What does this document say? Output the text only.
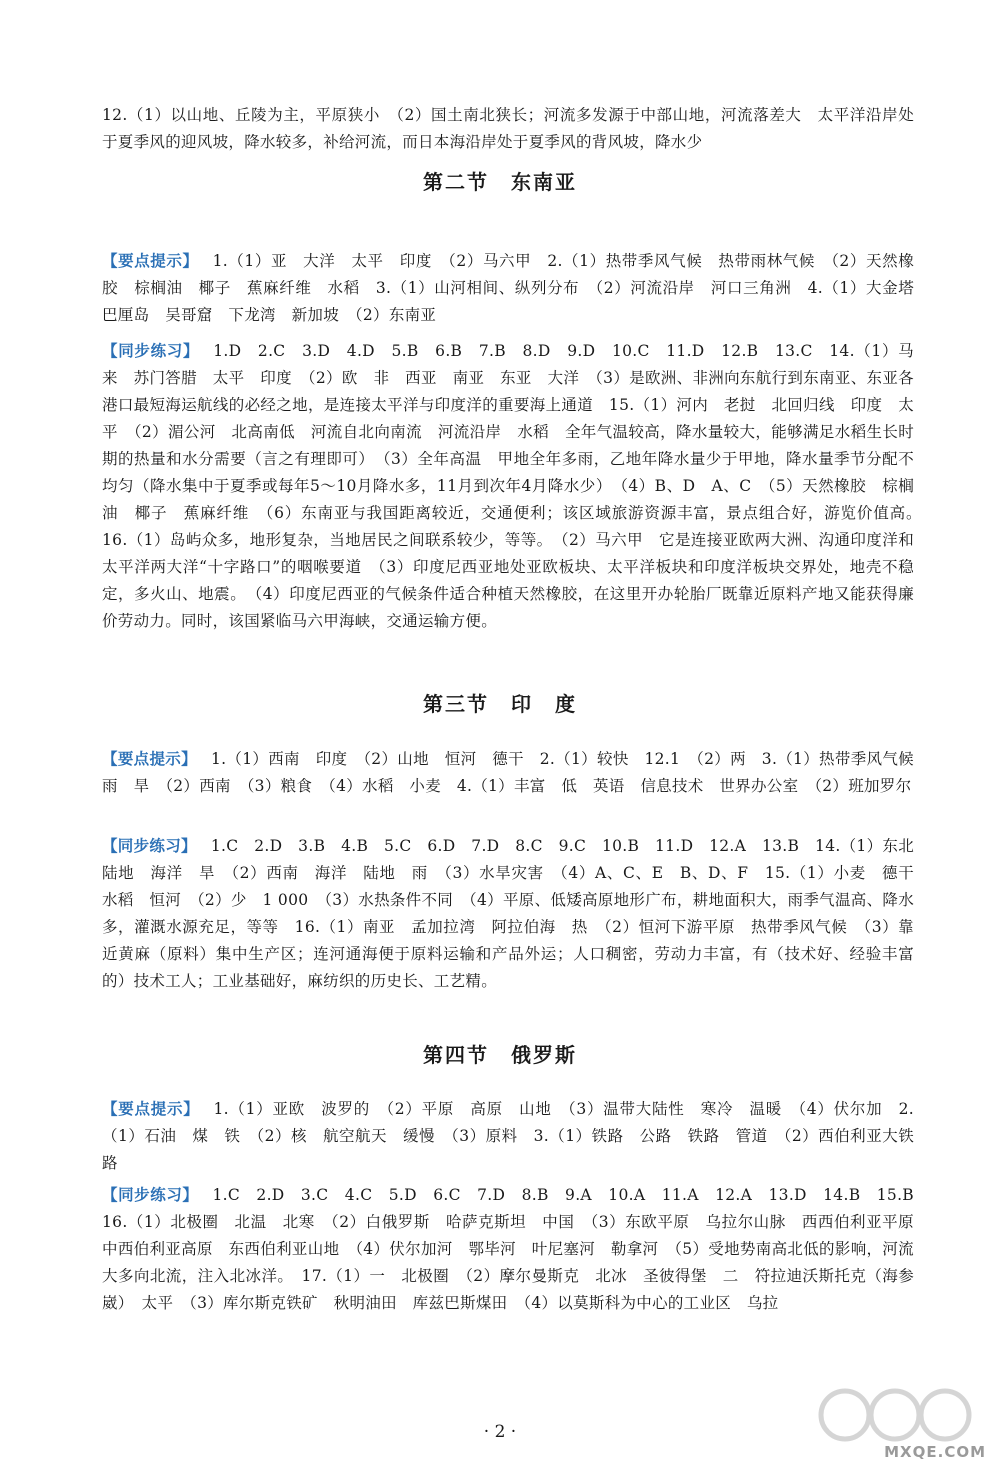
12.（1）以山地、丘陵为主，平原狭小　（2）国土南北狭长；河流多发源于中部山地，河流落差大　太平洋沿岸处于夏季风的迎风坡，降水较多，补给河流，而日本海沿岸处于夏季风的背风坡，降水少
第二节　东南亚
【要点提示】 1.（1）亚　大洋　太平　印度　（2）马六甲　2.（1）热带季风气候　热带雨林气候　（2）天然橡胶　棕榈油　椰子　蕉麻纤维　水稻　3.（1）山河相间、纵列分布　（2）河流沿岸　河口三角洲　4.（1）大金塔　巴厘岛　吴哥窟　下龙湾　新加坡　（2）东南亚
【同步练习】 1.D　2.C　3.D　4.D　5.B　6.B　7.B　8.D　9.D　10.C　11.D　12.B　13.C　14.（1）马来　苏门答腊　太平　印度　（2）欧　非　西亚　南亚　东亚　大洋　（3）是欧洲、非洲向东航行到东南亚、东亚各港口最短海运航线的必经之地，是连接太平洋与印度洋的重要海上通道　15.（1）河内　老挝　北回归线　印度　太平　（2）湄公河　北高南低　河流自北向南流　河流沿岸　水稻　全年气温较高，降水量较大，能够满足水稻生长时期的热量和水分需要（言之有理即可）　（3）全年高温　甲地全年多雨，乙地年降水量少于甲地，降水量季节分配不均匀（降水集中于夏季或每年5～10月降水多，11月到次年4月降水少）　（4）B、D　A、C　（5）天然橡胶　棕榈油　椰子　蕉麻纤维　（6）东南亚与我国距离较近，交通便利；该区域旅游资源丰富，景点组合好，游览价值高。　16.（1）岛屿众多，地形复杂，当地居民之间联系较少，等等。　（2）马六甲　它是连接亚欧两大洲、沟通印度洋和太平洋两大洋“十字路口”的咽喉要道　（3）印度尼西亚地处亚欧板块、太平洋板块和印度洋板块交界处，地壳不稳定，多火山、地震。　（4）印度尼西亚的气候条件适合种植天然橡胶，在这里开办轮胎厂既靠近原料产地又能获得廉价劳动力。同时，该国紧临马六甲海峡，交通运输方便。
第三节　印　度
【要点提示】 1.（1）西南　印度　（2）山地　恒河　德干　2.（1）较快　12.1　（2）两　3.（1）热带季风气候　雨　旱　（2）西南　（3）粮食　（4）水稻　小麦　4.（1）丰富　低　英语　信息技术　世界办公室　（2）班加罗尔
【同步练习】 1.C　2.D　3.B　4.B　5.C　6.D　7.D　8.C　9.C　10.B　11.D　12.A　13.B　14.（1）东北　陆地　海洋　旱　（2）西南　海洋　陆地　雨　（3）水旱灾害　（4）A、C、E　B、D、F　15.（1）小麦　德干　水稻　恒河　（2）少　1 000　（3）水热条件不同　（4）平原、低矮高原地形广布，耕地面积大，雨季气温高、降水多，灌溉水源充足，等等　16.（1）南亚　孟加拉湾　阿拉伯海　热　（2）恒河下游平原　热带季风气候　（3）靠近黄麻（原料）集中生产区；连河通海便于原料运输和产品外运；人口稠密，劳动力丰富，有（技术好、经验丰富的）技术工人；工业基础好，麻纺织的历史长、工艺精。
第四节　俄罗斯
【要点提示】 1.（1）亚欧　波罗的　（2）平原　高原　山地　（3）温带大陆性　寒冷　温暖　（4）伏尔加　2.（1）石油　煤　铁　（2）核　航空航天　缓慢　（3）原料　3.（1）铁路　公路　铁路　管道　（2）西伯利亚大铁路
【同步练习】 1.C　2.D　3.C　4.C　5.D　6.C　7.D　8.B　9.A　10.A　11.A　12.A　13.D　14.B　15.B　16.（1）北极圈　北温　北寒　（2）白俄罗斯　哈萨克斯坦　中国　（3）东欧平原　乌拉尔山脉　西西伯利亚平原　中西伯利亚高原　东西伯利亚山地　（4）伏尔加河　鄂毕河　叶尼塞河　勒拿河　（5）受地势南高北低的影响，河流大多向北流，注入北冰洋。　17.（1）一　北极圈　（2）摩尔曼斯克　北冰　圣彼得堡　二　符拉迪沃斯托克（海参崴）　太平　（3）库尔斯克铁矿　秋明油田　库兹巴斯煤田　（4）以莫斯科为中心的工业区　乌拉
· 2 ·
MXQE.COM
